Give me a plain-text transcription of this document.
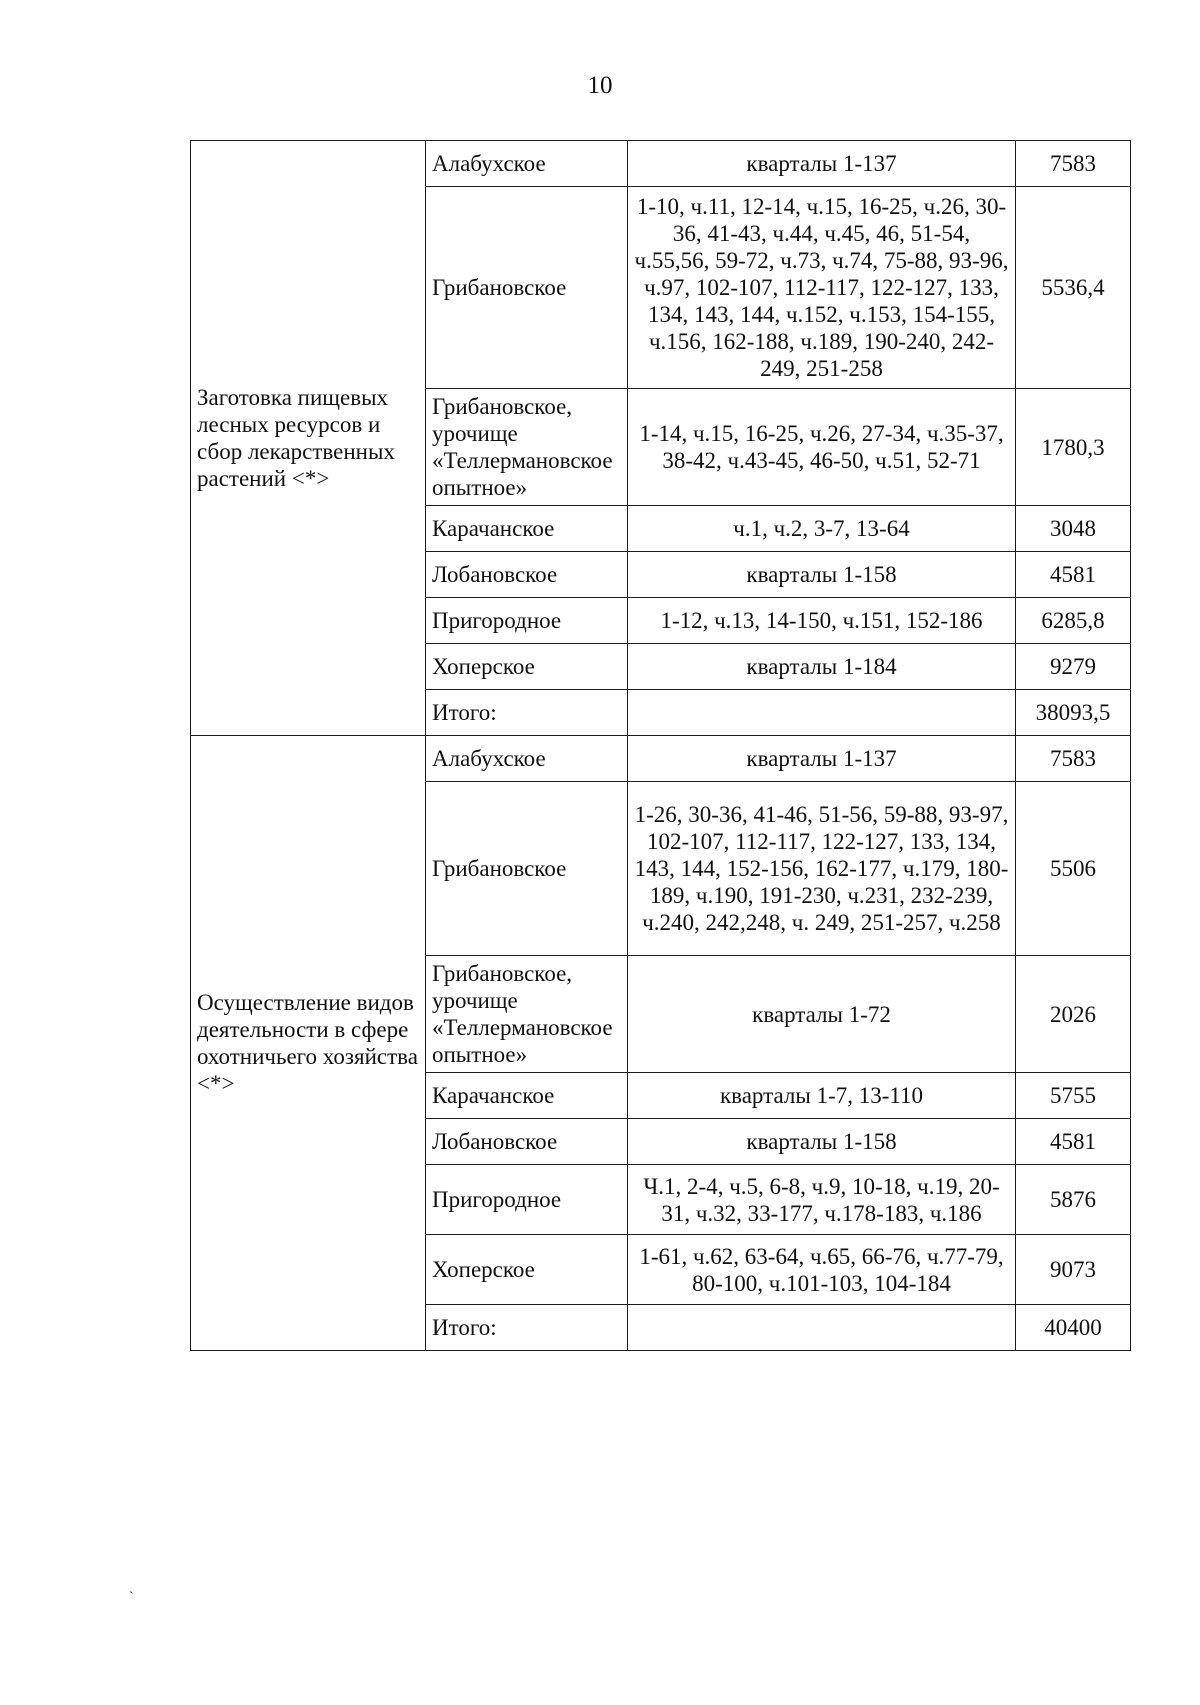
10
Заготовка пищевых лесных ресурсов и сбор лекарственных растений <*>	Алабухское	кварталы 1-137	7583
	Грибановское	1-10, ч.11, 12-14, ч.15, 16-25, ч.26, 30-36, 41-43, ч.44, ч.45, 46, 51-54, ч.55,56, 59-72, ч.73, ч.74, 75-88, 93-96, ч.97, 102-107, 112-117, 122-127, 133, 134, 143, 144, ч.152, ч.153, 154-155, ч.156, 162-188, ч.189, 190-240, 242-249, 251-258	5536,4
	Грибановское, урочище «Теллермановское опытное»	1-14, ч.15, 16-25, ч.26, 27-34, ч.35-37, 38-42, ч.43-45, 46-50, ч.51, 52-71	1780,3
	Карачанское	ч.1, ч.2, 3-7, 13-64	3048
	Лобановское	кварталы 1-158	4581
	Пригородное	1-12, ч.13, 14-150, ч.151, 152-186	6285,8
	Хоперское	кварталы 1-184	9279
	Итого:		38093,5
Осуществление видов деятельности в сфере охотничьего хозяйства <*>	Алабухское	кварталы 1-137	7583
	Грибановское	1-26, 30-36, 41-46, 51-56, 59-88, 93-97, 102-107, 112-117, 122-127, 133, 134, 143, 144, 152-156, 162-177, ч.179, 180-189, ч.190, 191-230, ч.231, 232-239, ч.240, 242,248, ч. 249, 251-257, ч.258	5506
	Грибановское, урочище «Теллермановское опытное»	кварталы 1-72	2026
	Карачанское	кварталы 1-7, 13-110	5755
	Лобановское	кварталы 1-158	4581
	Пригородное	Ч.1, 2-4, ч.5, 6-8, ч.9, 10-18, ч.19, 20-31, ч.32, 33-177, ч.178-183, ч.186	5876
	Хоперское	1-61, ч.62, 63-64, ч.65, 66-76, ч.77-79, 80-100, ч.101-103, 104-184	9073
	Итого:		40400
ˋ
